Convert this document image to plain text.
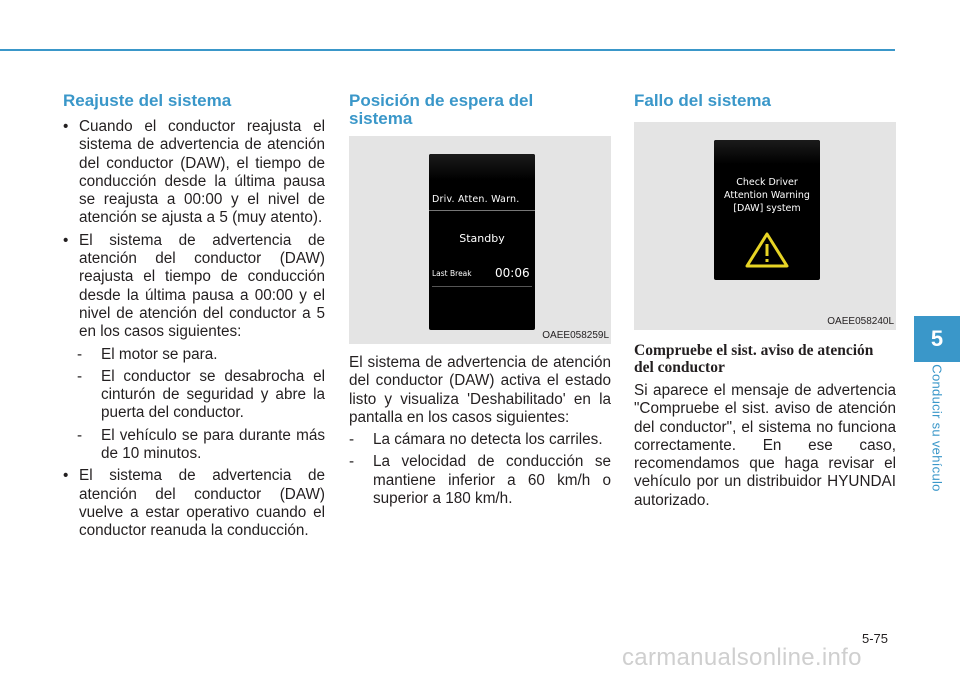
Reajuste del sistema
• Cuando el conductor reajusta el sistema de advertencia de atención del conductor (DAW), el tiempo de conducción desde la última pausa se reajusta a 00:00 y el nivel de atención se ajusta a 5 (muy atento).
• El sistema de advertencia de atención del conductor (DAW) reajusta el tiempo de conducción desde la última pausa a 00:00 y el nivel de atención del conductor a 5 en los casos siguientes:
- El motor se para.
- El conductor se desabrocha el cinturón de seguridad y abre la puerta del conductor.
- El vehículo se para durante más de 10 minutos.
• El sistema de advertencia de atención del conductor (DAW) vuelve a estar operativo cuando el conductor reanuda la conducción.
Posición de espera del sistema
Driv. Atten. Warn.
Standby
Last Break 00:06
OAEE058259L

El sistema de advertencia de atención del conductor (DAW) activa el estado listo y visualiza 'Deshabilitado' en la pantalla en los casos siguientes:

- La cámara no detecta los carriles.
- La velocidad de conducción se mantiene inferior a 60 km/h o superior a 180 km/h.
Fallo del sistema
Check Driver
Attention Warning
[DAW] system
OAEE058240L
Compruebe el sist. aviso de atención del conductor

Si aparece el mensaje de advertencia "Compruebe el sist. aviso de atención del conductor", el sistema no funciona correctamente. En ese caso, recomendamos que haga revisar el vehículo por un distribuidor HYUNDAI autorizado.

5
Conducir su vehículo
5-75
carmanualsonline.info
